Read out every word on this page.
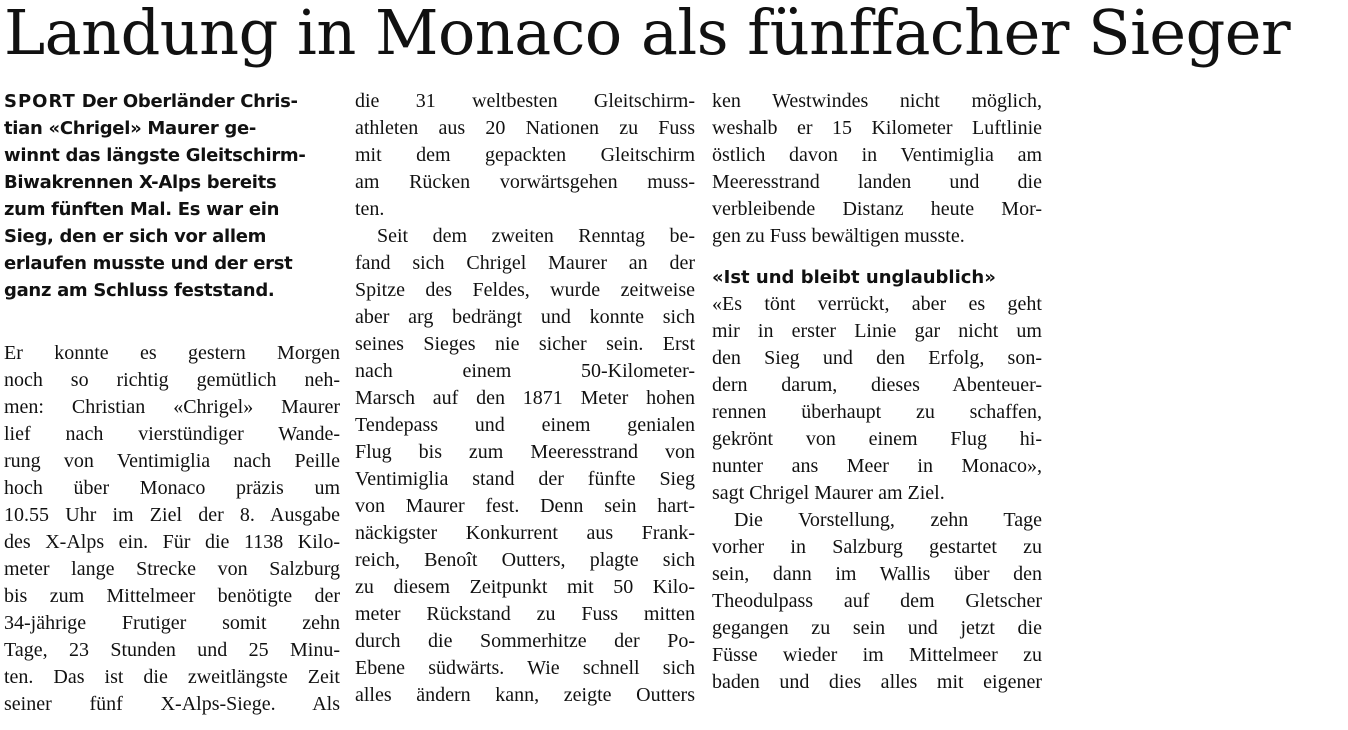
Landung in Monaco als fünffacher Sieger
SPORT Der Oberländer Chris-
tian «Chrigel» Maurer ge-
winnt das längste Gleitschirm-
Biwakrennen X-Alps bereits
zum fünften Mal. Es war ein
Sieg, den er sich vor allem
erlaufen musste und der erst
ganz am Schluss feststand.
Er konnte es gestern Morgen
noch so richtig gemütlich neh-
men: Christian «Chrigel» Maurer
lief nach vierstündiger Wande-
rung von Ventimiglia nach Peille
hoch über Monaco präzis um
10.55 Uhr im Ziel der 8. Ausgabe
des X-Alps ein. Für die 1138 Kilo-
meter lange Strecke von Salzburg
bis zum Mittelmeer benötigte der
34-jährige Frutiger somit zehn
Tage, 23 Stunden und 25 Minu-
ten. Das ist die zweitlängste Zeit
seiner fünf X-Alps-Siege. Als
die 31 weltbesten Gleitschirm-
athleten aus 20 Nationen zu Fuss
mit dem gepackten Gleitschirm
am Rücken vorwärtsgehen muss-
ten.
Seit dem zweiten Renntag be-
fand sich Chrigel Maurer an der
Spitze des Feldes, wurde zeitweise
aber arg bedrängt und konnte sich
seines Sieges nie sicher sein. Erst
nach einem 50-Kilometer-
Marsch auf den 1871 Meter hohen
Tendepass und einem genialen
Flug bis zum Meeresstrand von
Ventimiglia stand der fünfte Sieg
von Maurer fest. Denn sein hart-
näckigster Konkurrent aus Frank-
reich, Benoît Outters, plagte sich
zu diesem Zeitpunkt mit 50 Kilo-
meter Rückstand zu Fuss mitten
durch die Sommerhitze der Po-
Ebene südwärts. Wie schnell sich
alles ändern kann, zeigte Outters
ken Westwindes nicht möglich,
weshalb er 15 Kilometer Luftlinie
östlich davon in Ventimiglia am
Meeresstrand landen und die
verbleibende Distanz heute Mor-
gen zu Fuss bewältigen musste.
«Ist und bleibt unglaublich»
«Es tönt verrückt, aber es geht
mir in erster Linie gar nicht um
den Sieg und den Erfolg, son-
dern darum, dieses Abenteuer-
rennen überhaupt zu schaffen,
gekrönt von einem Flug hi-
nunter ans Meer in Monaco»,
sagt Chrigel Maurer am Ziel.
Die Vorstellung, zehn Tage
vorher in Salzburg gestartet zu
sein, dann im Wallis über den
Theodulpass auf dem Gletscher
gegangen zu sein und jetzt die
Füsse wieder im Mittelmeer zu
baden und dies alles mit eigener
